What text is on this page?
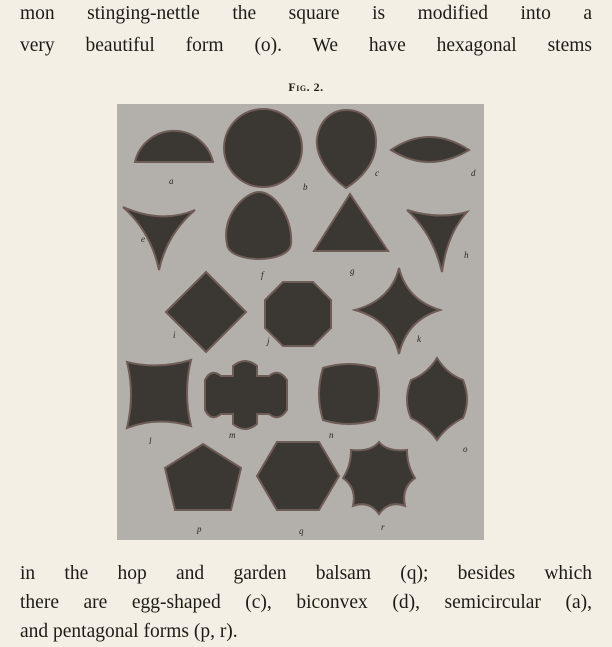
mon stinging-nettle the square is modified into a
very beautiful form (o). We have hexagonal stems
Fig. 2.
a
b
c	d
e
f	g
h
i
j	k
l
m	n
o
p	q	r
in the hop and garden balsam (q); besides which
there are egg-shaped (c), biconvex (d), semicircular (a),
and pentagonal forms (p, r).
